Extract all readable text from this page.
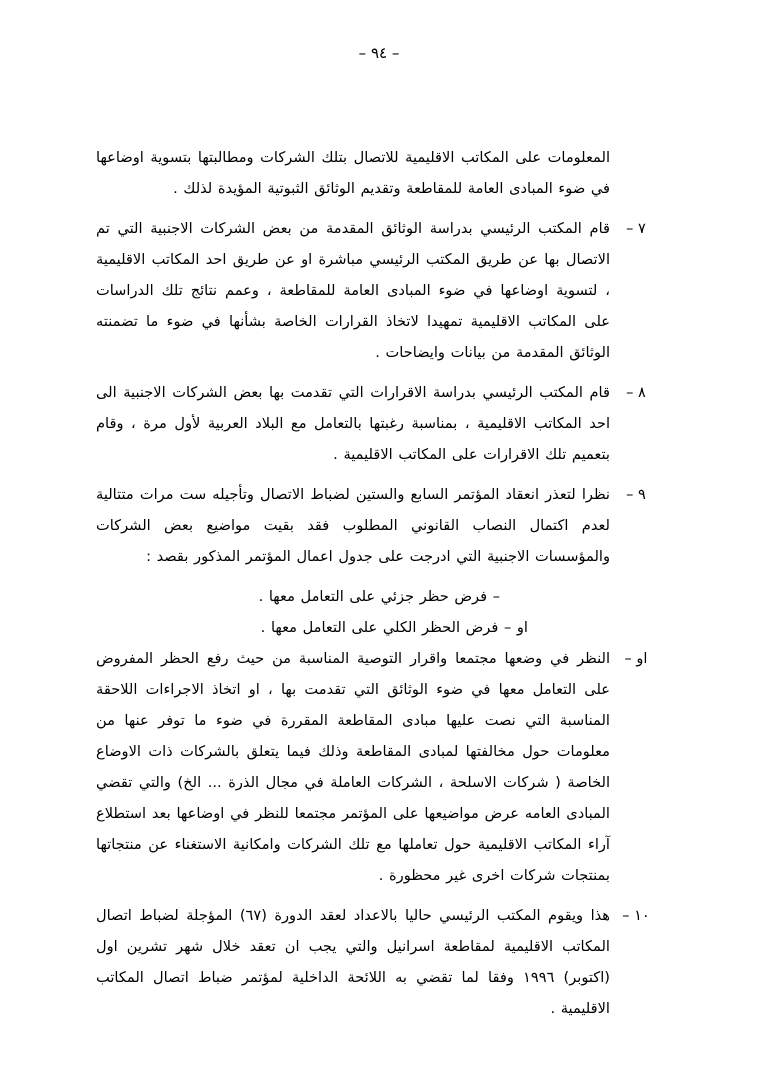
– ٩٤ –
المعلومات على المكاتب الاقليمية للاتصال بتلك الشركات ومطالبتها بتسوية اوضاعها في ضوء المبادى العامة للمقاطعة وتقديم الوثائق الثبوتية المؤيدة لذلك .
٧ –
قام المكتب الرئيسي بدراسة الوثائق المقدمة من بعض الشركات الاجنبية التي تم الاتصال بها عن طريق المكتب الرئيسي مباشرة او عن طريق احد المكاتب الاقليمية ، لتسوية اوضاعها في ضوء المبادى العامة للمقاطعة ، وعمم نتائج تلك الدراسات على المكاتب الاقليمية تمهيدا لاتخاذ القرارات الخاصة بشأنها في ضوء ما تضمنته الوثائق المقدمة من بيانات وايضاحات .
٨ –
قام المكتب الرئيسي بدراسة الاقرارات التي تقدمت بها بعض الشركات الاجنبية الى احد المكاتب الاقليمية ، بمناسبة رغبتها بالتعامل مع البلاد العربية لأول مرة ، وقام بتعميم تلك الاقرارات على المكاتب الاقليمية .
٩ –
نظرا لتعذر انعقاد المؤتمر السابع والستين لضباط الاتصال وتأجيله ست مرات متتالية لعدم اكتمال النصاب القانوني المطلوب فقد بقيت مواضيع بعض الشركات والمؤسسات الاجنبية التي ادرجت على جدول اعمال المؤتمر المذكور بقصد :
– فرض حظر جزئي على التعامل معها .
او – فرض الحظر الكلي على التعامل معها .
او –
النظر في وضعها مجتمعا واقرار التوصية المناسبة من حيث رفع الحظر المفروض على التعامل معها في ضوء الوثائق التي تقدمت بها ، او اتخاذ الاجراءات اللاحقة المناسبة التي نصت عليها مبادى المقاطعة المقررة في ضوء ما توفر عنها من معلومات حول مخالفتها لمبادى المقاطعة وذلك فيما يتعلق بالشركات ذات الاوضاع الخاصة ( شركات الاسلحة ، الشركات العاملة في مجال الذرة ... الخ) والتي تقضي المبادى العامه عرض مواضيعها على المؤتمر مجتمعا للنظر في اوضاعها بعد استطلاع آراء المكاتب الاقليمية حول تعاملها مع تلك الشركات وامكانية الاستغناء عن منتجاتها بمنتجات شركات اخرى غير محظورة .
١٠ –
هذا ويقوم المكتب الرئيسي حاليا بالاعداد لعقد الدورة (٦٧) المؤجلة لضباط اتصال المكاتب الاقليمية لمقاطعة اسرانيل والتي يجب ان تعقد خلال شهر تشرين اول (اكتوبر) ١٩٩٦ وفقا لما تقضي به اللائحة الداخلية لمؤتمر ضباط اتصال المكاتب الاقليمية .
